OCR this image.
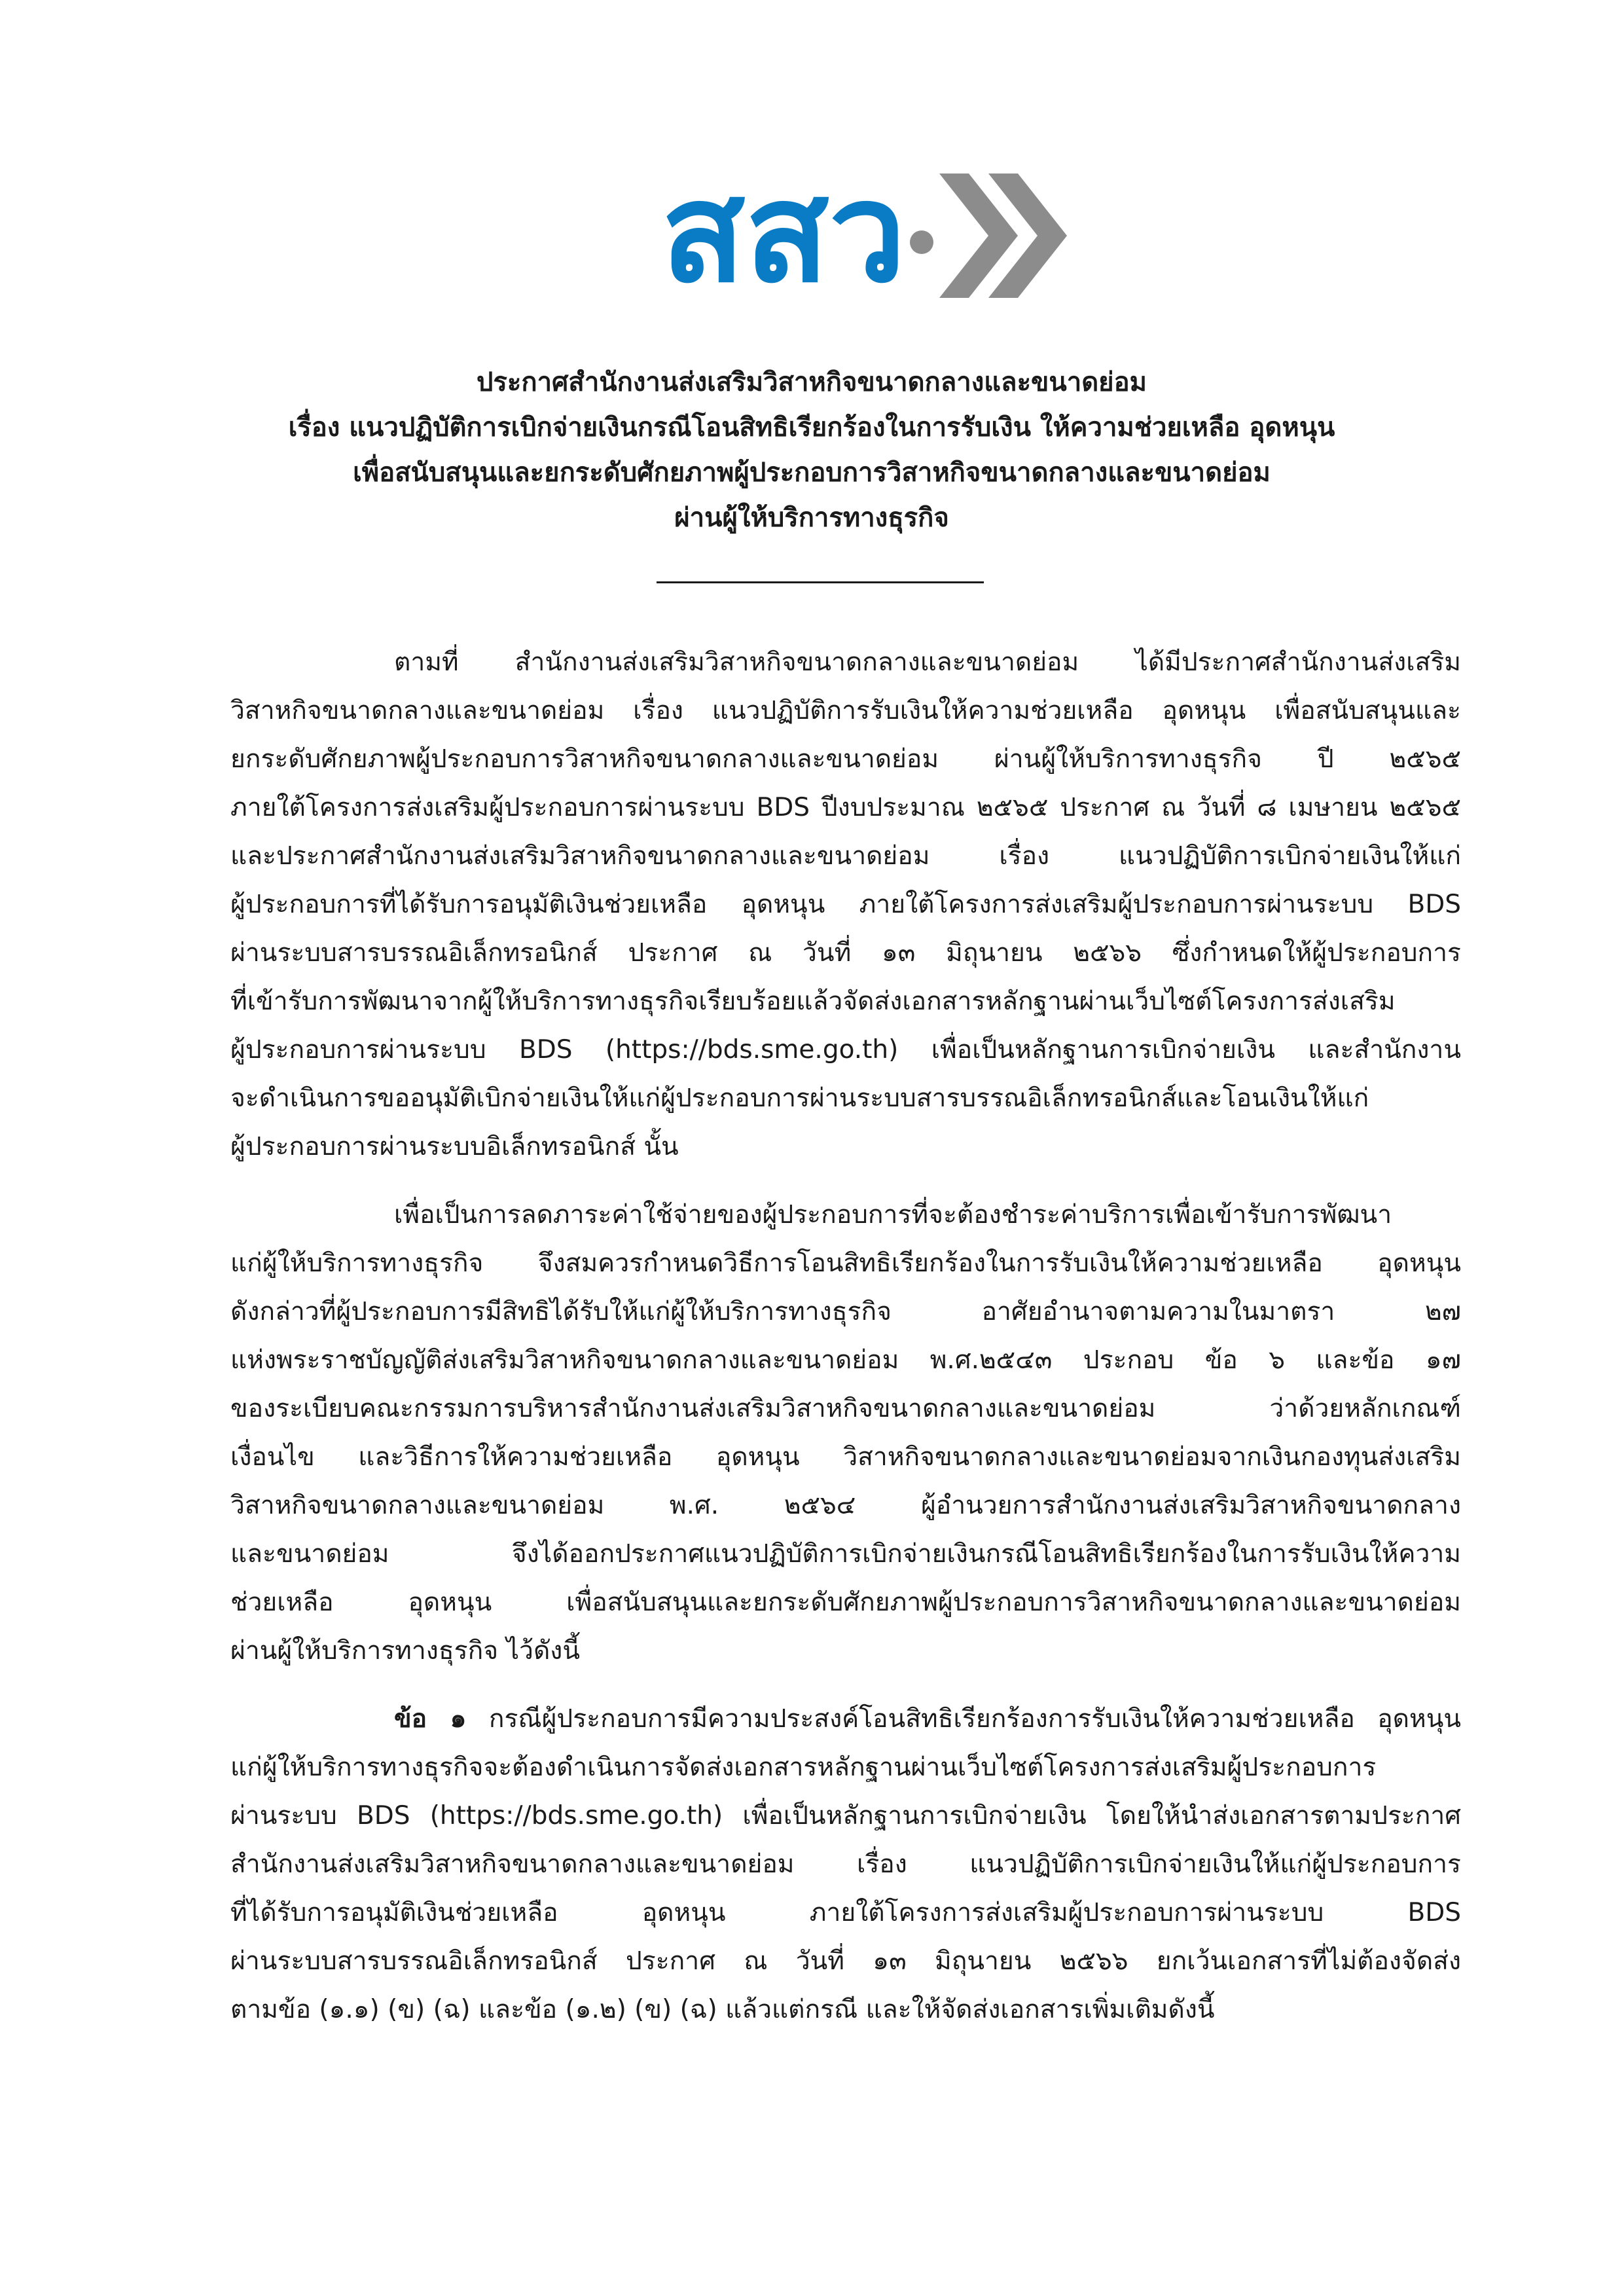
สสว
ประกาศสำนักงานส่งเสริมวิสาหกิจขนาดกลางและขนาดย่อม
เรื่อง แนวปฏิบัติการเบิกจ่ายเงินกรณีโอนสิทธิเรียกร้องในการรับเงิน ให้ความช่วยเหลือ อุดหนุน
เพื่อสนับสนุนและยกระดับศักยภาพผู้ประกอบการวิสาหกิจขนาดกลางและขนาดย่อม
ผ่านผู้ให้บริการทางธุรกิจ

ตามที่ สำนักงานส่งเสริมวิสาหกิจขนาดกลางและขนาดย่อม ได้มีประกาศสำนักงานส่งเสริม
วิสาหกิจขนาดกลางและขนาดย่อม เรื่อง แนวปฏิบัติการรับเงินให้ความช่วยเหลือ อุดหนุน เพื่อสนับสนุนและ
ยกระดับศักยภาพผู้ประกอบการวิสาหกิจขนาดกลางและขนาดย่อม ผ่านผู้ให้บริการทางธุรกิจ ปี ๒๕๖๕
ภายใต้โครงการส่งเสริมผู้ประกอบการผ่านระบบ BDS ปีงบประมาณ ๒๕๖๕ ประกาศ ณ วันที่ ๘ เมษายน ๒๕๖๕
และประกาศสำนักงานส่งเสริมวิสาหกิจขนาดกลางและขนาดย่อม เรื่อง แนวปฏิบัติการเบิกจ่ายเงินให้แก่
ผู้ประกอบการที่ได้รับการอนุมัติเงินช่วยเหลือ อุดหนุน ภายใต้โครงการส่งเสริมผู้ประกอบการผ่านระบบ BDS
ผ่านระบบสารบรรณอิเล็กทรอนิกส์ ประกาศ ณ วันที่ ๑๓ มิถุนายน ๒๕๖๖ ซึ่งกำหนดให้ผู้ประกอบการ
ที่เข้ารับการพัฒนาจากผู้ให้บริการทางธุรกิจเรียบร้อยแล้วจัดส่งเอกสารหลักฐานผ่านเว็บไซต์โครงการส่งเสริม
ผู้ประกอบการผ่านระบบ BDS (https://bds.sme.go.th) เพื่อเป็นหลักฐานการเบิกจ่ายเงิน และสำนักงาน
จะดำเนินการขออนุมัติเบิกจ่ายเงินให้แก่ผู้ประกอบการผ่านระบบสารบรรณอิเล็กทรอนิกส์และโอนเงินให้แก่
ผู้ประกอบการผ่านระบบอิเล็กทรอนิกส์ นั้น

เพื่อเป็นการลดภาระค่าใช้จ่ายของผู้ประกอบการที่จะต้องชำระค่าบริการเพื่อเข้ารับการพัฒนา
แก่ผู้ให้บริการทางธุรกิจ จึงสมควรกำหนดวิธีการโอนสิทธิเรียกร้องในการรับเงินให้ความช่วยเหลือ อุดหนุน
ดังกล่าวที่ผู้ประกอบการมีสิทธิได้รับให้แก่ผู้ให้บริการทางธุรกิจ อาศัยอำนาจตามความในมาตรา ๒๗
แห่งพระราชบัญญัติส่งเสริมวิสาหกิจขนาดกลางและขนาดย่อม พ.ศ.๒๕๔๓ ประกอบ ข้อ ๖ และข้อ ๑๗
ของระเบียบคณะกรรมการบริหารสำนักงานส่งเสริมวิสาหกิจขนาดกลางและขนาดย่อม ว่าด้วยหลักเกณฑ์
เงื่อนไข และวิธีการให้ความช่วยเหลือ อุดหนุน วิสาหกิจขนาดกลางและขนาดย่อมจากเงินกองทุนส่งเสริม
วิสาหกิจขนาดกลางและขนาดย่อม พ.ศ. ๒๕๖๔ ผู้อำนวยการสำนักงานส่งเสริมวิสาหกิจขนาดกลาง
และขนาดย่อม จึงได้ออกประกาศแนวปฏิบัติการเบิกจ่ายเงินกรณีโอนสิทธิเรียกร้องในการรับเงินให้ความ
ช่วยเหลือ อุดหนุน เพื่อสนับสนุนและยกระดับศักยภาพผู้ประกอบการวิสาหกิจขนาดกลางและขนาดย่อม
ผ่านผู้ให้บริการทางธุรกิจ ไว้ดังนี้

ข้อ ๑ กรณีผู้ประกอบการมีความประสงค์โอนสิทธิเรียกร้องการรับเงินให้ความช่วยเหลือ อุดหนุน
แก่ผู้ให้บริการทางธุรกิจจะต้องดำเนินการจัดส่งเอกสารหลักฐานผ่านเว็บไซต์โครงการส่งเสริมผู้ประกอบการ
ผ่านระบบ BDS (https://bds.sme.go.th) เพื่อเป็นหลักฐานการเบิกจ่ายเงิน โดยให้นำส่งเอกสารตามประกาศ
สำนักงานส่งเสริมวิสาหกิจขนาดกลางและขนาดย่อม เรื่อง แนวปฏิบัติการเบิกจ่ายเงินให้แก่ผู้ประกอบการ
ที่ได้รับการอนุมัติเงินช่วยเหลือ อุดหนุน ภายใต้โครงการส่งเสริมผู้ประกอบการผ่านระบบ BDS
ผ่านระบบสารบรรณอิเล็กทรอนิกส์ ประกาศ ณ วันที่ ๑๓ มิถุนายน ๒๕๖๖ ยกเว้นเอกสารที่ไม่ต้องจัดส่ง
ตามข้อ (๑.๑) (ข) (ฉ) และข้อ (๑.๒) (ข) (ฉ) แล้วแต่กรณี และให้จัดส่งเอกสารเพิ่มเติมดังนี้
